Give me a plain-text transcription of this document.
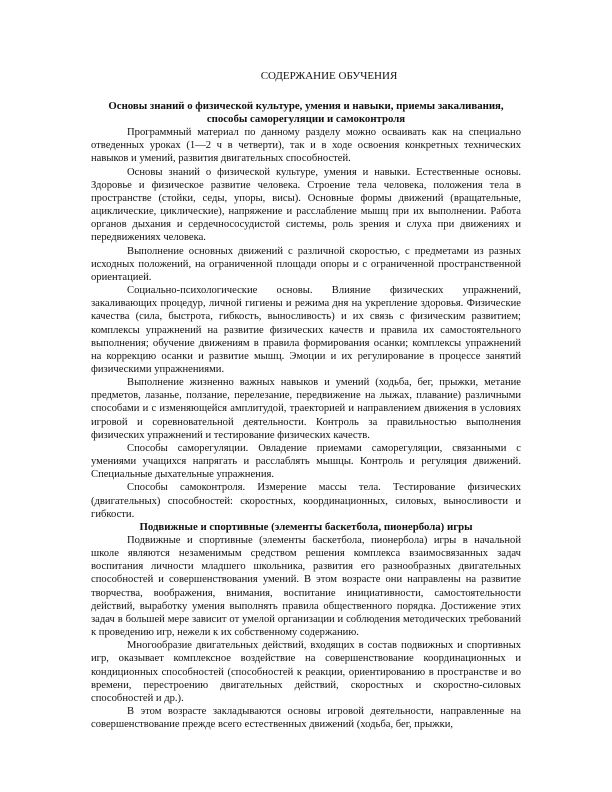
СОДЕРЖАНИЕ ОБУЧЕНИЯ

Основы знаний о физической культуре, умения и навыки, приемы закаливания,

способы саморегуляции и самоконтроля

Программный материал по данному разделу можно осваивать как на специально отведенных уроках (1—2 ч в четверти), так и в ходе освоения конкретных технических навыков и умений, развития двигательных способностей.

Основы знаний о физической культуре, умения и навыки. Естественные основы. Здоровье и физическое развитие человека. Строение тела человека, положения тела в пространстве (стойки, седы, упоры, висы). Основные формы движений (вращательные, ациклические, циклические), напряжение и расслабление мышц при их выполнении. Работа органов дыхания и сердечнососудистой системы, роль зрения и слуха при движениях и передвижениях человека.

Выполнение основных движений с различной скоростью, с предметами из разных исходных положений, на ограниченной площади опоры и с ограниченной пространственной ориентацией.

Социально-психологические основы. Влияние физических упражнений, закаливающих процедур, личной гигиены и режима дня на укрепление здоровья. Физические качества (сила, быстрота, гибкость, выносливость) и их связь с физическим развитием; комплексы упражнений на развитие физических качеств и правила их самостоятельного выполнения; обучение движениям в правила формирования осанки; комплексы упражнений на коррекцию осанки и развитие мышц. Эмоции и их регулирование в процессе занятий физическими упражнениями.

Выполнение жизненно важных навыков и умений (ходьба, бег, прыжки, метание предметов, лазанье, ползание, перелезание, передвижение на лыжах, плавание) различными способами и с изменяющейся амплитудой, траекторией и направлением движения в условиях игровой и соревновательной деятельности. Контроль за правильностью выполнения физических упражнений и тестирование физических качеств.

Способы саморегуляции. Овладение приемами саморегуляции, связанными с умениями учащихся напрягать и расслаблять мышцы. Контроль и регуляция движений. Специальные дыхательные упражнения.

Способы самоконтроля. Измерение массы тела. Тестирование физических (двигательных) способностей: скоростных, координационных, силовых, выносливости и гибкости.

Подвижные и спортивные (элементы баскетбола, пионербола) игры

Подвижные и спортивные (элементы баскетбола, пионербола) игры в начальной школе являются незаменимым средством решения комплекса взаимосвязанных задач воспитания личности младшего школьника, развития его разнообразных двигательных способностей и совершенствования умений. В этом возрасте они направлены на развитие творчества, воображения, внимания, воспитание инициативности, самостоятельности действий, выработку умения выполнять правила общественного порядка. Достижение этих задач в большей мере зависит от умелой организации и соблюдения методических требований к проведению игр, нежели к их собственному содержанию.

Многообразие двигательных действий, входящих в состав подвижных и спортивных игр, оказывает комплексное воздействие на совершенствование координационных и кондиционных способностей (способностей к реакции, ориентированию в пространстве и во времени, перестроению двигательных действий, скоростных и скоростно-силовых способностей и др.).

В этом возрасте закладываются основы игровой деятельности, направленные на совершенствование прежде всего естественных движений (ходьба, бег, прыжки,
